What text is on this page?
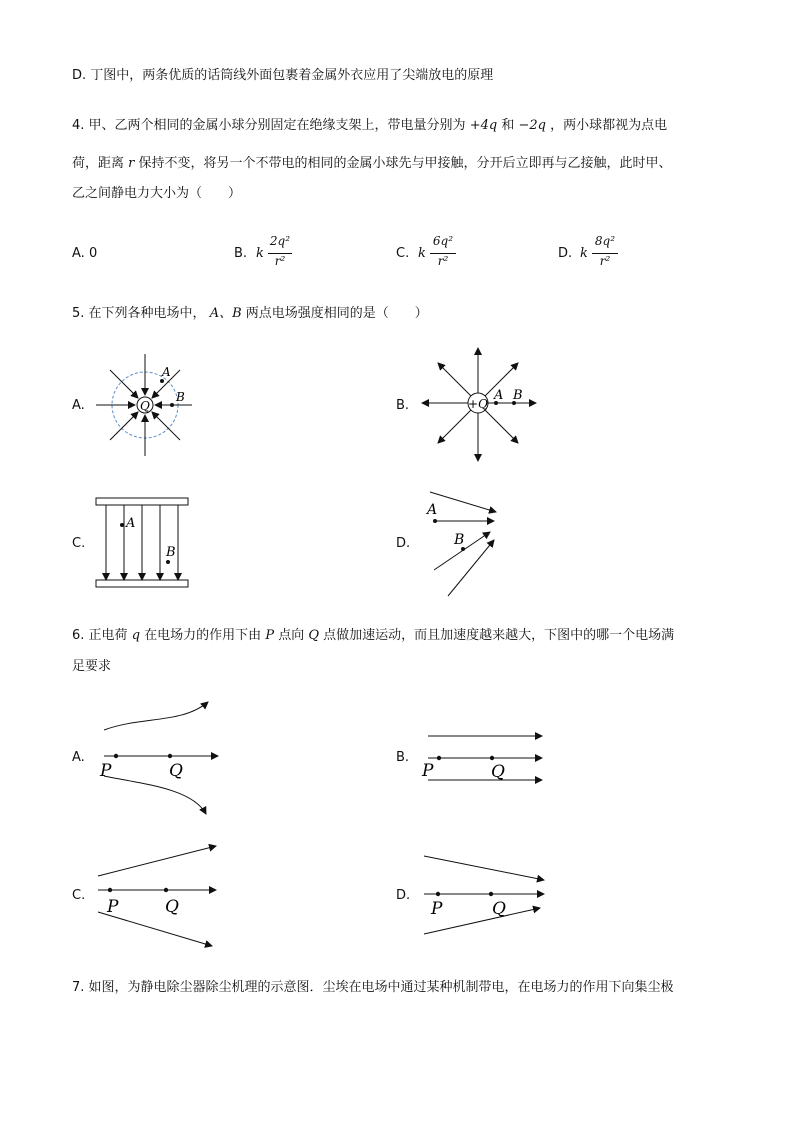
D. 丁图中，两条优质的话筒线外面包裹着金属外衣应用了尖端放电的原理
4. 甲、乙两个相同的金属小球分别固定在绝缘支架上，带电量分别为 +4q 和 −2q ，两小球都视为点电
荷，距离 r 保持不变，将另一个不带电的相同的金属小球先与甲接触，分开后立即再与乙接触，此时甲、
乙之间静电力大小为（　　）
A. 0	B. k
2q²
r²	C. k
6q²
r²	D. k
8q²
r²
5. 在下列各种电场中， A、B 两点电场强度相同的是（　　）
A.	B.
C.	D.
Q
A
B	+Q
A B
A
B
A
B
6. 正电荷 q 在电场力的作用下由 P 点向 Q 点做加速运动，而且加速度越来越大，下图中的哪一个电场满
足要求
A.	B.
C.	D.
P	Q	P	Q
P	Q	P	Q
7. 如图，为静电除尘器除尘机理的示意图．尘埃在电场中通过某种机制带电，在电场力的作用下向集尘极
